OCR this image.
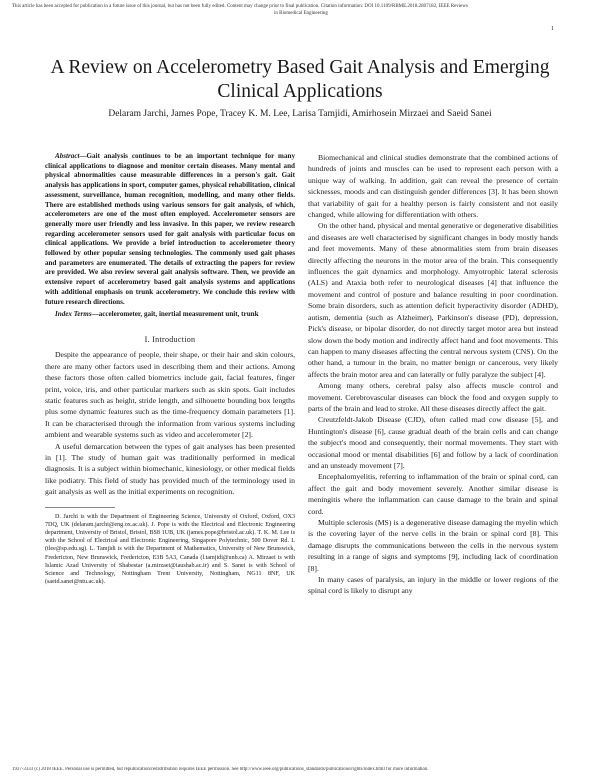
This article has been accepted for publication in a future issue of this journal, but has not been fully edited. Content may change prior to final publication. Citation information: DOI 10.1109/RBME.2018.2807182, IEEE Reviews
in Biomedical Engineering
1
A Review on Accelerometry Based Gait Analysis and Emerging Clinical Applications
Delaram Jarchi, James Pope, Tracey K. M. Lee, Larisa Tamjidi, Amirhosein Mirzaei and Saeid Sanei

Abstract—Gait analysis continues to be an important technique for many clinical applications to diagnose and monitor certain diseases. Many mental and physical abnormalities cause measurable differences in a person's gait. Gait analysis has applications in sport, computer games, physical rehabilitation, clinical assessment, surveillance, human recognition, modelling, and many other fields. There are established methods using various sensors for gait analysis, of which, accelerometers are one of the most often employed. Accelerometer sensors are generally more user friendly and less invasive. In this paper, we review research regarding accelerometer sensors used for gait analysis with particular focus on clinical applications. We provide a brief introduction to accelerometer theory followed by other popular sensing technologies. The commonly used gait phases and parameters are enumerated. The details of extracting the papers for review are provided. We also review several gait analysis software. Then, we provide an extensive report of accelerometry based gait analysis systems and applications with additional emphasis on trunk accelerometry. We conclude this review with future research directions.

Index Terms—accelerometer, gait, inertial measurement unit, trunk

I. Introduction

Despite the appearance of people, their shape, or their hair and skin colours, there are many other factors used in describing them and their actions. Among these factors those often called biometrics include gait, facial features, finger print, voice, iris, and other particular markers such as skin spots. Gait includes static features such as height, stride length, and silhouette bounding box lengths plus some dynamic features such as the time-frequency domain parameters [1]. It can be characterised through the information from various systems including ambient and wearable systems such as video and accelerometer [2].

A useful demarcation between the types of gait analyses has been presented in [1]. The study of human gait was traditionally performed in medical diagnosis. It is a subject within biomechanic, kinesiology, or other medical fields like podiatry. This field of study has provided much of the terminology used in gait analysis as well as the initial experiments on recognition.

D. Jarchi is with the Department of Engineering Science, University of Oxford, Oxford, OX3 7DQ, UK (delaram.jarchi@eng.ox.ac.uk). J. Pope is with the Electrical and Electronic Engineering department, University of Bristol, Bristol, BS8 1UB, UK (james.pope@bristol.ac.uk). T. K. M. Lee is with the School of Electrical and Electronic Engineering, Singapore Polytechnic, 500 Dover Rd. L (tlee@sp.edu.sg). L. Tamjidi is with the Department of Mathematics, University of New Brunswick, Fredericton, New Brunswick, Fredericton, E3B 5A3, Canada (l.tamjidi@unb.ca) A. Mirzaei is with Islamic Azad University of Shabestar (a.mirzaei@iaushab.ac.ir) and S. Sanei is with School of Science and Technology, Nottingham Trent University, Nottingham, NG11 8NF, UK (saeid.sanei@ntu.ac.uk).

Biomechanical and clinical studies demonstrate that the combined actions of hundreds of joints and muscles can be used to represent each person with a unique way of walking. In addition, gait can reveal the presence of certain sicknesses, moods and can distinguish gender differences [3]. It has been shown that variability of gait for a healthy person is fairly consistent and not easily changed, while allowing for differentiation with others.

On the other hand, physical and mental generative or degenerative disabilities and diseases are well characterised by significant changes in body mostly hands and feet movements. Many of these abnormalities stem from brain diseases directly affecting the neurons in the motor area of the brain. This consequently influences the gait dynamics and morphology. Amyotrophic lateral sclerosis (ALS) and Ataxia both refer to neurological diseases [4] that influence the movement and control of posture and balance resulting in poor coordination. Some brain disorders, such as attention deficit hyperactivity disorder (ADHD), autism, dementia (such as Alzheimer), Parkinson's disease (PD), depression, Pick's disease, or bipolar disorder, do not directly target motor area but instead slow down the body motion and indirectly affect hand and foot movements. This can happen to many diseases affecting the central nervous system (CNS). On the other hand, a tumour in the brain, no matter benign or cancerous, very likely affects the brain motor area and can laterally or fully paralyze the subject [4].

Among many others, cerebral palsy also affects muscle control and movement. Cerebrovascular diseases can block the food and oxygen supply to parts of the brain and lead to stroke. All these diseases directly affect the gait.

Creutzfeldt-Jakob Disease (CJD), often called mad cow disease [5], and Huntington's disease [6], cause gradual death of the brain cells and can change the subject's mood and consequently, their normal movements. They start with occasional mood or mental disabilities [6] and follow by a lack of coordination and an unsteady movement [7].

Encephalomyelitis, referring to inflammation of the brain or spinal cord, can affect the gait and body movement severely. Another similar disease is meningitis where the inflammation can cause damage to the brain and spinal cord.

Multiple sclerosis (MS) is a degenerative disease damaging the myelin which is the covering layer of the nerve cells in the brain or spinal cord [8]. This damage disrupts the communications between the cells in the nervous system resulting in a range of signs and symptoms [9], including lack of coordination [8].

In many cases of paralysis, an injury in the middle or lower regions of the spinal cord is likely to disrupt any

1937-3333 (c) 2018 IEEE. Personal use is permitted, but republication/redistribution requires IEEE permission. See http://www.ieee.org/publications_standards/publications/rights/index.html for more information.
